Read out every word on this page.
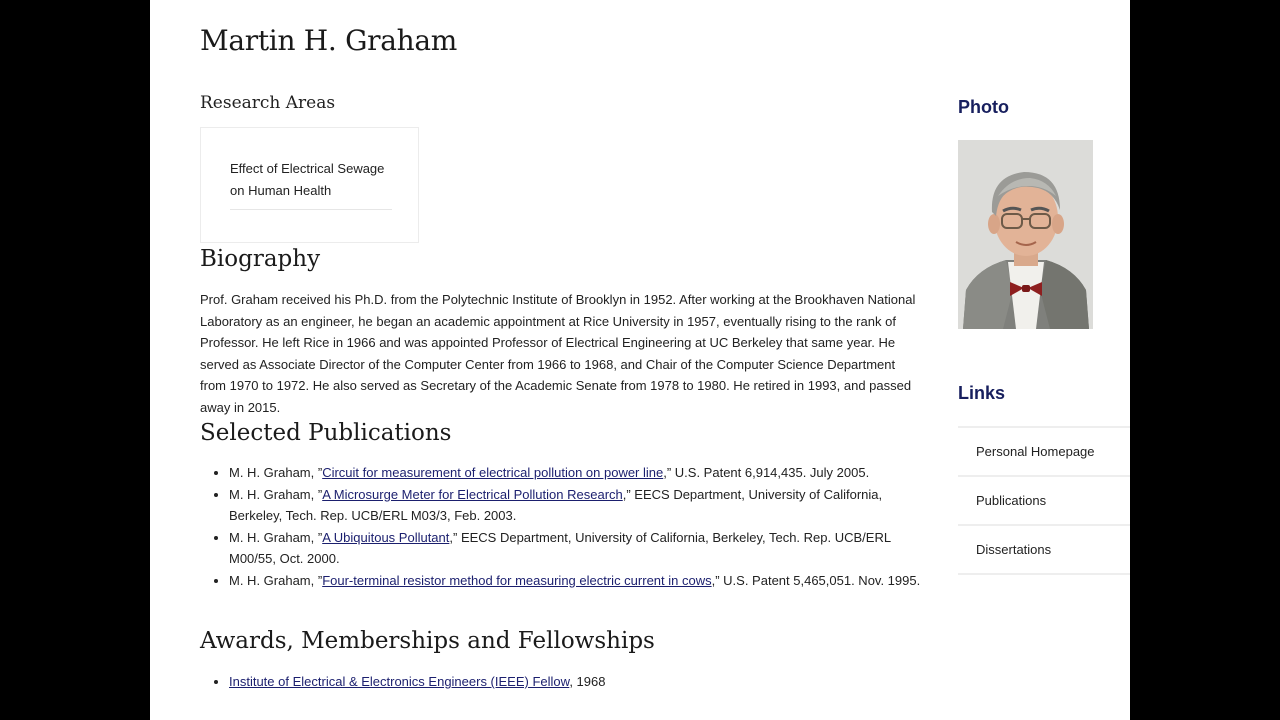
Martin H. Graham
Research Areas
Effect of Electrical Sewage on Human Health
Biography

Prof. Graham received his Ph.D. from the Polytechnic Institute of Brooklyn in 1952. After working at the Brookhaven National Laboratory as an engineer, he began an academic appointment at Rice University in 1957, eventually rising to the rank of Professor. He left Rice in 1966 and was appointed Professor of Electrical Engineering at UC Berkeley that same year. He served as Associate Director of the Computer Center from 1966 to 1968, and Chair of the Computer Science Department from 1970 to 1972. He also served as Secretary of the Academic Senate from 1978 to 1980. He retired in 1993, and passed away in 2015.

Selected Publications
• M. H. Graham, ”Circuit for measurement of electrical pollution on power line,” U.S. Patent 6,914,435. July 2005.
• M. H. Graham, ”A Microsurge Meter for Electrical Pollution Research,” EECS Department, University of California, Berkeley, Tech. Rep. UCB/ERL M03/3, Feb. 2003.
• M. H. Graham, ”A Ubiquitous Pollutant,” EECS Department, University of California, Berkeley, Tech. Rep. UCB/ERL M00/55, Oct. 2000.
• M. H. Graham, ”Four-terminal resistor method for measuring electric current in cows,” U.S. Patent 5,465,051. Nov. 1995.
Awards, Memberships and Fellowships
• Institute of Electrical & Electronics Engineers (IEEE) Fellow, 1968
Photo
Links
Personal Homepage
Publications
Dissertations
